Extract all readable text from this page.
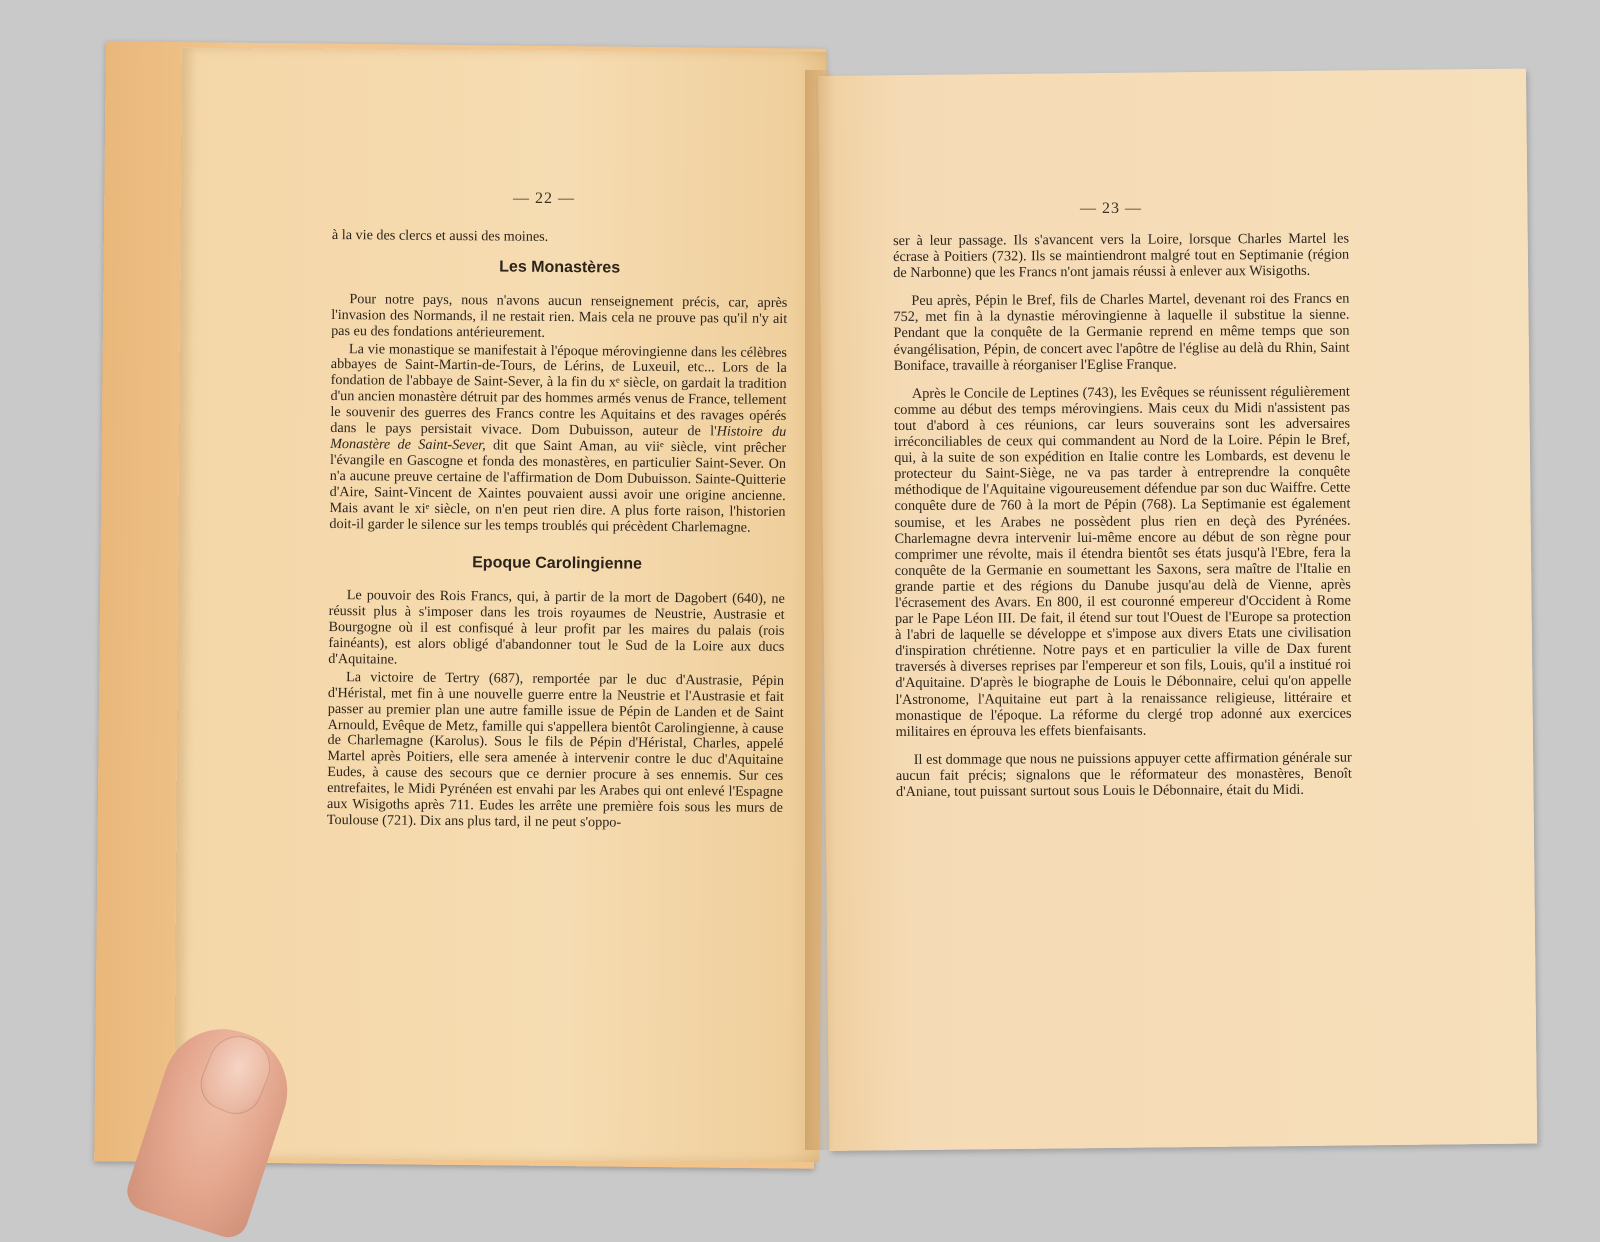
— 22 —

à la vie des clercs et aussi des moines.

Les Monastères

Pour notre pays, nous n'avons aucun renseignement précis, car, après l'invasion des Normands, il ne restait rien. Mais cela ne prouve pas qu'il n'y ait pas eu des fondations antérieurement.

La vie monastique se manifestait à l'époque mérovingienne dans les célèbres abbayes de Saint-Martin-de-Tours, de Lérins, de Luxeuil, etc... Lors de la fondation de l'abbaye de Saint-Sever, à la fin du xᵉ siècle, on gardait la tradition d'un ancien monastère détruit par des hommes armés venus de France, tellement le souvenir des guerres des Francs contre les Aquitains et des ravages opérés dans le pays persistait vivace. Dom Dubuisson, auteur de l'Histoire du Monastère de Saint-Sever, dit que Saint Aman, au viiᵉ siècle, vint prêcher l'évangile en Gascogne et fonda des monastères, en particulier Saint-Sever. On n'a aucune preuve certaine de l'affirmation de Dom Dubuisson. Sainte-Quitterie d'Aire, Saint-Vincent de Xaintes pouvaient aussi avoir une origine ancienne. Mais avant le xiᵉ siècle, on n'en peut rien dire. A plus forte raison, l'historien doit-il garder le silence sur les temps troublés qui précèdent Charlemagne.

Epoque Carolingienne

Le pouvoir des Rois Francs, qui, à partir de la mort de Dagobert (640), ne réussit plus à s'imposer dans les trois royaumes de Neustrie, Austrasie et Bourgogne où il est confisqué à leur profit par les maires du palais (rois fainéants), est alors obligé d'abandonner tout le Sud de la Loire aux ducs d'Aquitaine.

La victoire de Tertry (687), remportée par le duc d'Austrasie, Pépin d'Héristal, met fin à une nouvelle guerre entre la Neustrie et l'Austrasie et fait passer au premier plan une autre famille issue de Pépin de Landen et de Saint Arnould, Evêque de Metz, famille qui s'appellera bientôt Carolingienne, à cause de Charlemagne (Karolus). Sous le fils de Pépin d'Héristal, Charles, appelé Martel après Poitiers, elle sera amenée à intervenir contre le duc d'Aquitaine Eudes, à cause des secours que ce dernier procure à ses ennemis. Sur ces entrefaites, le Midi Pyrénéen est envahi par les Arabes qui ont enlevé l'Espagne aux Wisigoths après 711. Eudes les arrête une première fois sous les murs de Toulouse (721). Dix ans plus tard, il ne peut s'oppo-

— 23 —

ser à leur passage. Ils s'avancent vers la Loire, lorsque Charles Martel les écrase à Poitiers (732). Ils se maintiendront malgré tout en Septimanie (région de Narbonne) que les Francs n'ont jamais réussi à enlever aux Wisigoths.

Peu après, Pépin le Bref, fils de Charles Martel, devenant roi des Francs en 752, met fin à la dynastie mérovingienne à laquelle il substitue la sienne. Pendant que la conquête de la Germanie reprend en même temps que son évangélisation, Pépin, de concert avec l'apôtre de l'église au delà du Rhin, Saint Boniface, travaille à réorganiser l'Eglise Franque.

Après le Concile de Leptines (743), les Evêques se réunissent régulièrement comme au début des temps mérovingiens. Mais ceux du Midi n'assistent pas tout d'abord à ces réunions, car leurs souverains sont les adversaires irréconciliables de ceux qui commandent au Nord de la Loire. Pépin le Bref, qui, à la suite de son expédition en Italie contre les Lombards, est devenu le protecteur du Saint-Siège, ne va pas tarder à entreprendre la conquête méthodique de l'Aquitaine vigoureusement défendue par son duc Waiffre. Cette conquête dure de 760 à la mort de Pépin (768). La Septimanie est également soumise, et les Arabes ne possèdent plus rien en deçà des Pyrénées. Charlemagne devra intervenir lui-même encore au début de son règne pour comprimer une révolte, mais il étendra bientôt ses états jusqu'à l'Ebre, fera la conquête de la Germanie en soumettant les Saxons, sera maître de l'Italie en grande partie et des régions du Danube jusqu'au delà de Vienne, après l'écrasement des Avars. En 800, il est couronné empereur d'Occident à Rome par le Pape Léon III. De fait, il étend sur tout l'Ouest de l'Europe sa protection à l'abri de laquelle se développe et s'impose aux divers Etats une civilisation d'inspiration chrétienne. Notre pays et en particulier la ville de Dax furent traversés à diverses reprises par l'empereur et son fils, Louis, qu'il a institué roi d'Aquitaine. D'après le biographe de Louis le Débonnaire, celui qu'on appelle l'Astronome, l'Aquitaine eut part à la renaissance religieuse, littéraire et monastique de l'époque. La réforme du clergé trop adonné aux exercices militaires en éprouva les effets bienfaisants.

Il est dommage que nous ne puissions appuyer cette affirmation générale sur aucun fait précis; signalons que le réformateur des monastères, Benoît d'Aniane, tout puissant surtout sous Louis le Débonnaire, était du Midi.
